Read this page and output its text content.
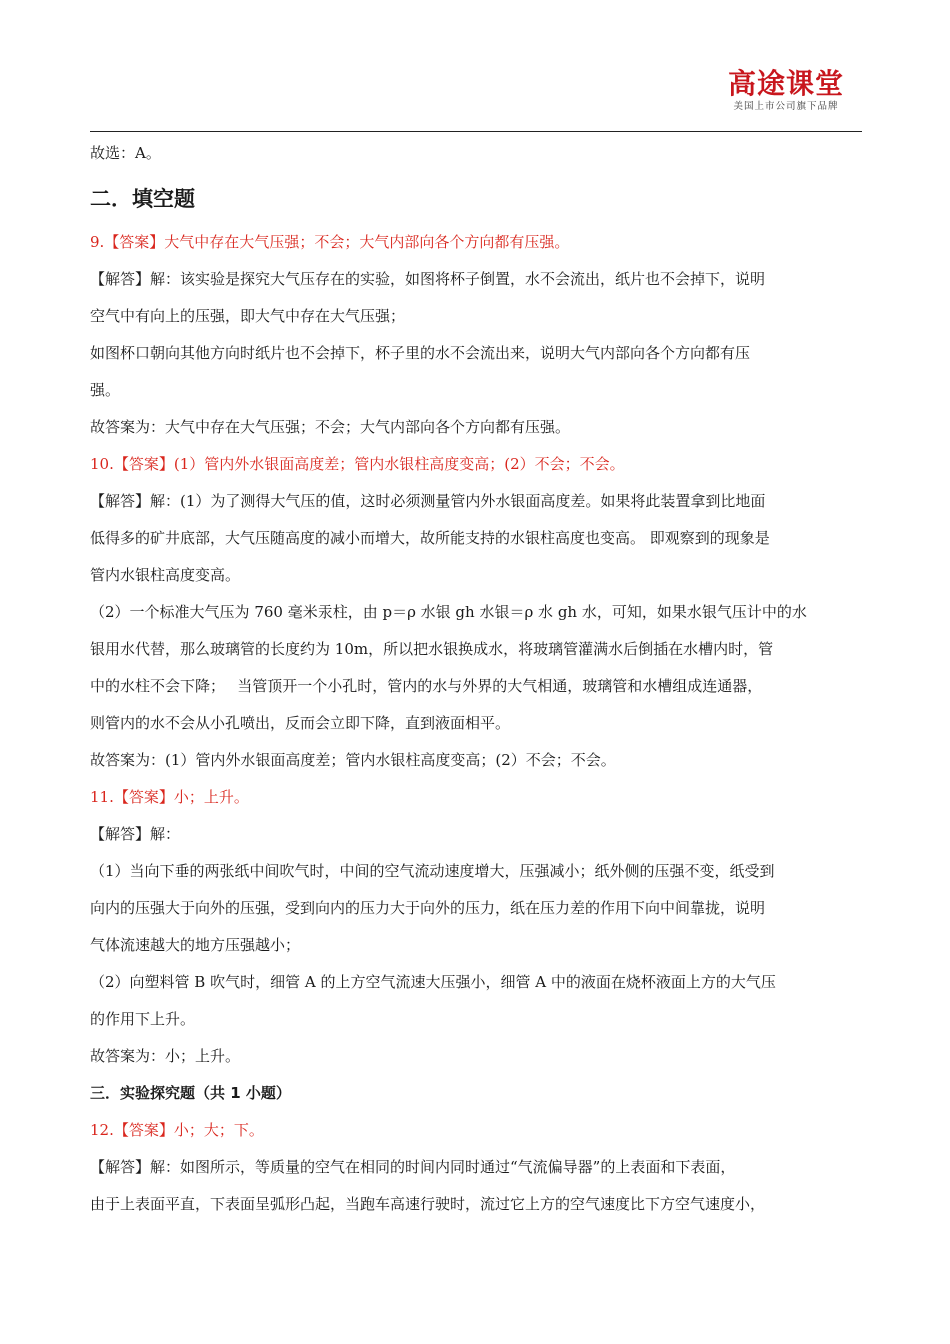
高途课堂
美国上市公司旗下品牌
故选：A。
二．填空题
9.【答案】大气中存在大气压强；不会；大气内部向各个方向都有压强。
【解答】解：该实验是探究大气压存在的实验，如图将杯子倒置，水不会流出，纸片也不会掉下，说明
空气中有向上的压强，即大气中存在大气压强；
如图杯口朝向其他方向时纸片也不会掉下，杯子里的水不会流出来，说明大气内部向各个方向都有压
强。
故答案为：大气中存在大气压强；不会；大气内部向各个方向都有压强。
10.【答案】(1）管内外水银面高度差；管内水银柱高度变高；(2）不会；不会。
【解答】解：(1）为了测得大气压的值，这时必须测量管内外水银面高度差。如果将此装置拿到比地面
低得多的矿井底部，大气压随高度的减小而增大，故所能支持的水银柱高度也变高。 即观察到的现象是
管内水银柱高度变高。
（2）一个标准大气压为 760 毫米汞柱，由 p＝ρ 水银 gh 水银＝ρ 水 gh 水，可知，如果水银气压计中的水
银用水代替，那么玻璃管的长度约为 10m，所以把水银换成水，将玻璃管灌满水后倒插在水槽内时，管
中的水柱不会下降；　 当管顶开一个小孔时，管内的水与外界的大气相通，玻璃管和水槽组成连通器，
则管内的水不会从小孔喷出，反而会立即下降，直到液面相平。
故答案为：(1）管内外水银面高度差；管内水银柱高度变高；(2）不会；不会。
11.【答案】小；上升。
【解答】解：
（1）当向下垂的两张纸中间吹气时，中间的空气流动速度增大，压强减小；纸外侧的压强不变，纸受到
向内的压强大于向外的压强，受到向内的压力大于向外的压力，纸在压力差的作用下向中间靠拢，说明
气体流速越大的地方压强越小；
（2）向塑料管 B 吹气时，细管 A 的上方空气流速大压强小，细管 A 中的液面在烧杯液面上方的大气压
的作用下上升。
故答案为：小；上升。
三．实验探究题（共 1 小题）
12.【答案】小；大；下。
【解答】解：如图所示，等质量的空气在相同的时间内同时通过“气流偏导器”的上表面和下表面，
由于上表面平直，下表面呈弧形凸起，当跑车高速行驶时，流过它上方的空气速度比下方空气速度小，
